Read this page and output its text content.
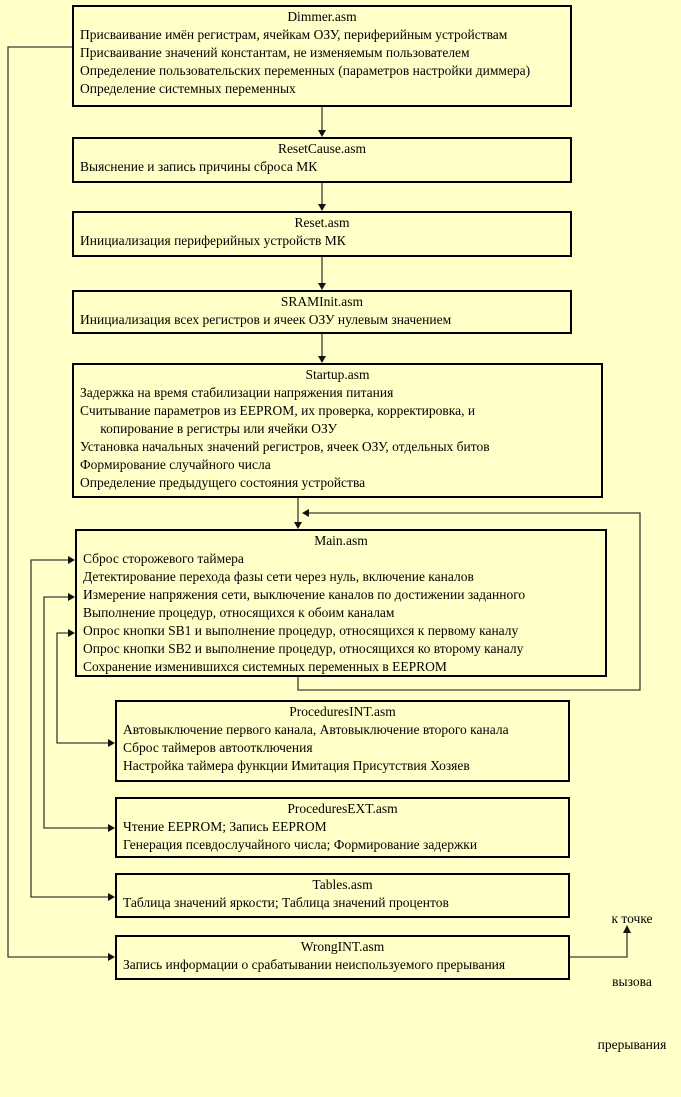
Dimmer.asm
Присваивание имён регистрам, ячейкам ОЗУ, периферийным устройствам
Присваивание значений константам, не изменяемым пользователем
Определение пользовательских переменных (параметров настройки диммера)
Определение системных переменных
ResetCause.asm
Выяснение и запись причины сброса МК
Reset.asm
Инициализация периферийных устройств МК
SRAMInit.asm
Инициализация всех регистров и ячеек ОЗУ нулевым значением
Startup.asm
Задержка на время стабилизации напряжения питания
Считывание параметров из EEPROM, их проверка, корректировка, и
копирование в регистры или ячейки ОЗУ
Установка начальных значений регистров, ячеек ОЗУ, отдельных битов
Формирование случайного числа
Определение предыдущего состояния устройства
Main.asm
Сброс сторожевого таймера
Детектирование перехода фазы сети через нуль, включение каналов
Измерение напряжения сети, выключение каналов по достижении заданного
Выполнение процедур, относящихся к обоим каналам
Опрос кнопки SB1 и выполнение процедур, относящихся к первому каналу
Опрос кнопки SB2 и выполнение процедур, относящихся ко второму каналу
Сохранение изменившихся системных переменных в EEPROM
ProceduresINT.asm
Автовыключение первого канала, Автовыключение второго канала
Сброс таймеров автоотключения
Настройка таймера функции Имитация Присутствия Хозяев
ProceduresEXT.asm
Чтение EEPROM; Запись EEPROM
Генерация псевдослучайного числа; Формирование задержки
Tables.asm
Таблица значений яркости; Таблица значений процентов
WrongINT.asm
Запись информации о срабатывании неиспользуемого прерывания

к точке

вызова

прерывания
